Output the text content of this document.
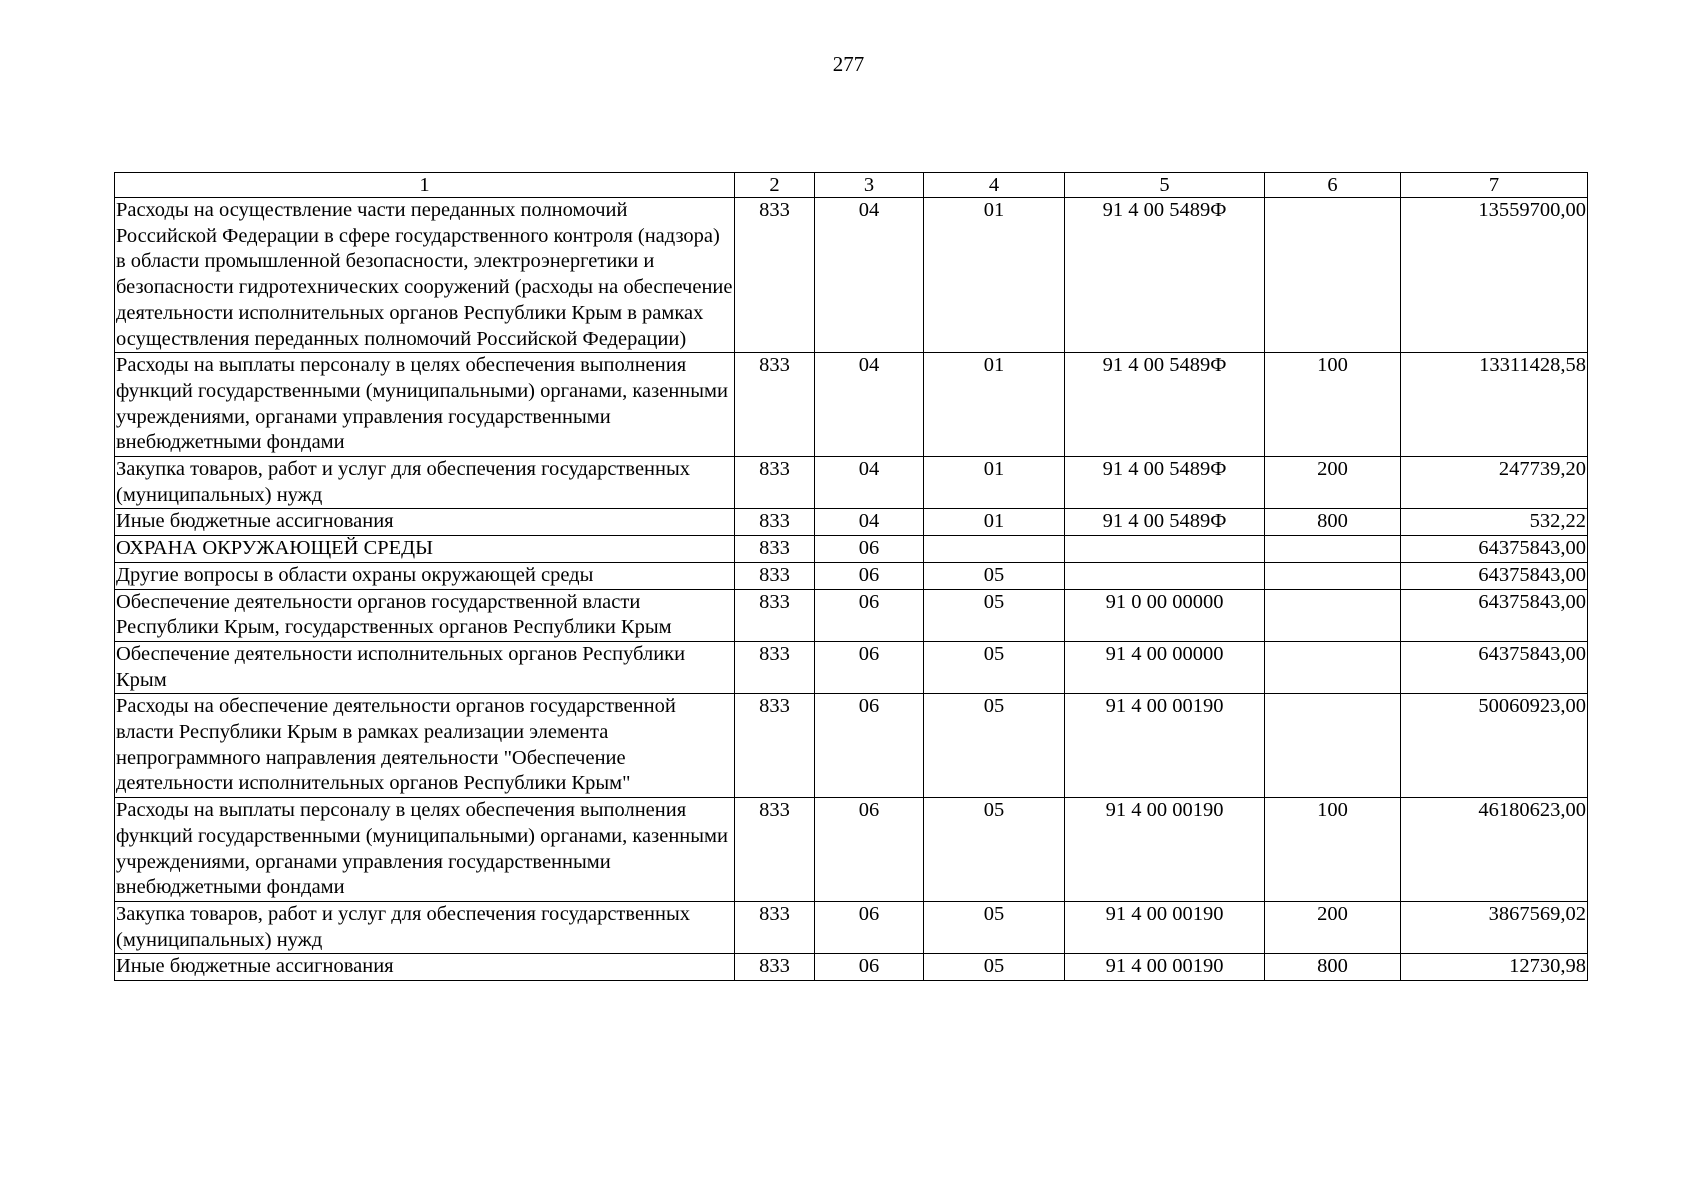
277
1	2	3	4	5	6	7
Расходы на осуществление части переданных полномочий Российской Федерации в сфере государственного контроля (надзора) в области промышленной безопасности, электроэнергетики и безопасности гидротехнических сооружений (расходы на обеспечение деятельности исполнительных органов Республики Крым в рамках осуществления переданных полномочий Российской Федерации)	833	04	01	91 4 00 5489Ф		13559700,00
Расходы на выплаты персоналу в целях обеспечения выполнения функций государственными (муниципальными) органами, казенными учреждениями, органами управления государственными внебюджетными фондами	833	04	01	91 4 00 5489Ф	100	13311428,58
Закупка товаров, работ и услуг для обеспечения государственных (муниципальных) нужд	833	04	01	91 4 00 5489Ф	200	247739,20
Иные бюджетные ассигнования	833	04	01	91 4 00 5489Ф	800	532,22
ОХРАНА ОКРУЖАЮЩЕЙ СРЕДЫ	833	06				64375843,00
Другие вопросы в области охраны окружающей среды	833	06	05			64375843,00
Обеспечение деятельности органов государственной власти Республики Крым, государственных органов Республики Крым	833	06	05	91 0 00 00000		64375843,00
Обеспечение деятельности исполнительных органов Республики Крым	833	06	05	91 4 00 00000		64375843,00
Расходы на обеспечение деятельности органов государственной власти Республики Крым в рамках реализации элемента непрограммного направления деятельности "Обеспечение деятельности исполнительных органов Республики Крым"	833	06	05	91 4 00 00190		50060923,00
Расходы на выплаты персоналу в целях обеспечения выполнения функций государственными (муниципальными) органами, казенными учреждениями, органами управления государственными внебюджетными фондами	833	06	05	91 4 00 00190	100	46180623,00
Закупка товаров, работ и услуг для обеспечения государственных (муниципальных) нужд	833	06	05	91 4 00 00190	200	3867569,02
Иные бюджетные ассигнования	833	06	05	91 4 00 00190	800	12730,98
